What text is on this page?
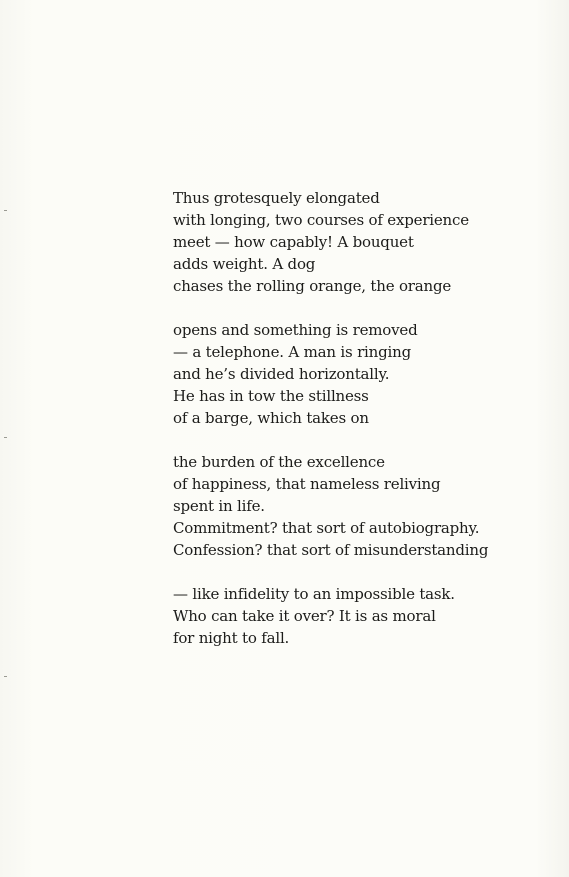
Thus grotesquely elongated
with longing, two courses of experience
meet — how capably! A bouquet
adds weight. A dog
chases the rolling orange, the orange
opens and something is removed
— a telephone. A man is ringing
and he’s divided horizontally.
He has in tow the stillness
of a barge, which takes on
the burden of the excellence
of happiness, that nameless reliving
spent in life.
Commitment? that sort of autobiography.
Confession? that sort of misunderstanding
— like infidelity to an impossible task.
Who can take it over? It is as moral
for night to fall.
